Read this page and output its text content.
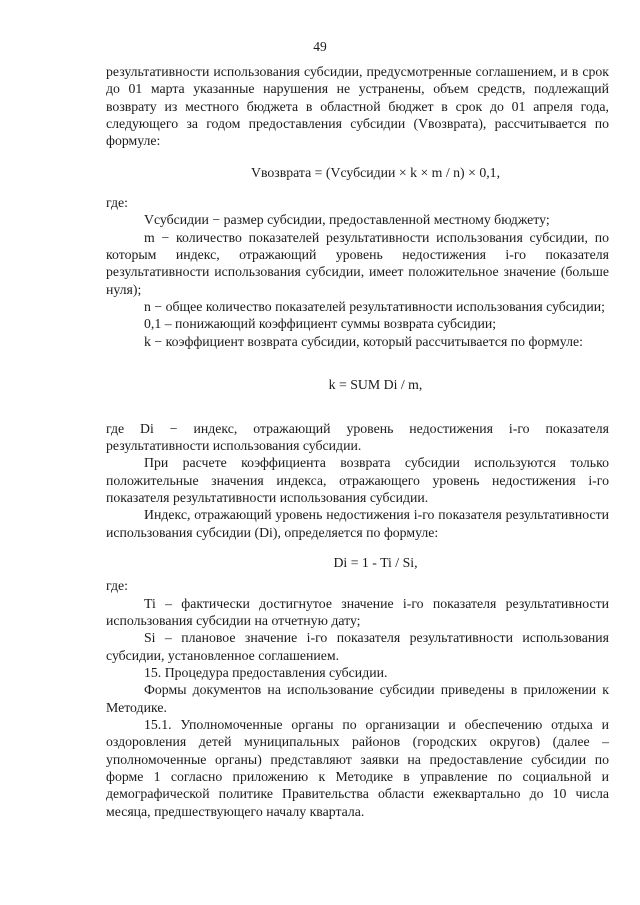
49

результативности использования субсидии, предусмотренные соглашением, и в срок до 01 марта указанные нарушения не устранены, объем средств, подлежащий возврату из местного бюджета в областной бюджет в срок до 01 апреля года, следующего за годом предоставления субсидии (Vвозврата), рассчитывается по формуле:

Vвозврата = (Vсубсидии × k × m / n) × 0,1,

где:

Vсубсидии − размер субсидии, предоставленной местному бюджету;

m − количество показателей результативности использования субсидии, по которым индекс, отражающий уровень недостижения i-го показателя результативности использования субсидии, имеет положительное значение (больше нуля);

n − общее количество показателей результативности использования субсидии;

0,1 – понижающий коэффициент суммы возврата субсидии;

k − коэффициент возврата субсидии, который рассчитывается по формуле:

k = SUM Di / m,

где Di − индекс, отражающий уровень недостижения i-го показателя результативности использования субсидии.

При расчете коэффициента возврата субсидии используются только положительные значения индекса, отражающего уровень недостижения i-го показателя результативности использования субсидии.

Индекс, отражающий уровень недостижения i-го показателя результативности использования субсидии (Di), определяется по формуле:

Di = 1 - Ti / Si,

где:

Ti – фактически достигнутое значение i-го показателя результативности использования субсидии на отчетную дату;

Si – плановое значение i-го показателя результативности использования субсидии, установленное соглашением.

15. Процедура предоставления субсидии.

Формы документов на использование субсидии приведены в приложении к Методике.

15.1. Уполномоченные органы по организации и обеспечению отдыха и оздоровления детей муниципальных районов (городских округов) (далее – уполномоченные органы) представляют заявки на предоставление субсидии по форме 1 согласно приложению к Методике в управление по социальной и демографической политике Правительства области ежеквартально до 10 числа месяца, предшествующего началу квартала.
